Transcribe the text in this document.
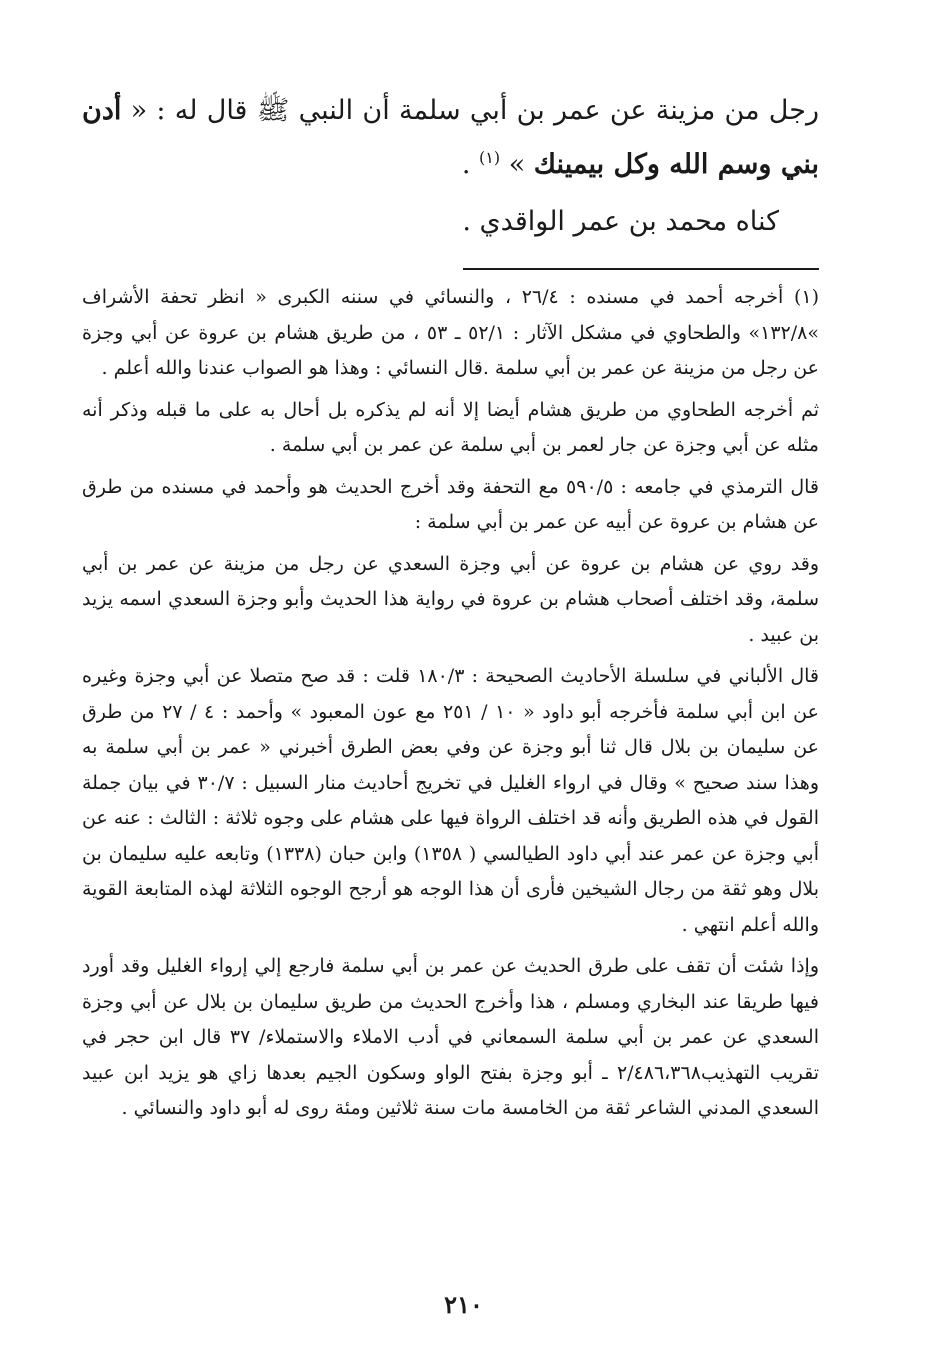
رجل من مزينة عن عمر بن أبي سلمة أن النبي ﷺ قال له : « أدن بني وسم الله وكل بيمينك » $^{(١)}$ .

كناه محمد بن عمر الواقدي .

(١) أخرجه أحمد في مسنده : ٢٦/٤ ، والنسائي في سننه الكبرى « انظر تحفة الأشراف »١٣٢/٨» والطحاوي في مشكل الآثار : ٥٢/١ ـ ٥٣ ، من طريق هشام بن عروة عن أبي وجزة عن رجل من مزينة عن عمر بن أبي سلمة .قال النسائي : وهذا هو الصواب عندنا والله أعلم .

ثم أخرجه الطحاوي من طريق هشام أيضا إلا أنه لم يذكره بل أحال به على ما قبله وذكر أنه مثله عن أبي وجزة عن جار لعمر بن أبي سلمة عن عمر بن أبي سلمة .

قال الترمذي في جامعه : ٥٩٠/٥ مع التحفة وقد أخرج الحديث هو وأحمد في مسنده من طرق عن هشام بن عروة عن أبيه عن عمر بن أبي سلمة :

وقد روي عن هشام بن عروة عن أبي وجزة السعدي عن رجل من مزينة عن عمر بن أبي سلمة، وقد اختلف أصحاب هشام بن عروة في رواية هذا الحديث وأبو وجزة السعدي اسمه يزيد بن عبيد .

قال الألباني في سلسلة الأحاديث الصحيحة : ١٨٠/٣ قلت : قد صح متصلا عن أبي وجزة وغيره عن ابن أبي سلمة فأخرجه أبو داود « ١٠ / ٢٥١ مع عون المعبود » وأحمد : ٤ / ٢٧ من طرق عن سليمان بن بلال قال ثنا أبو وجزة عن وفي بعض الطرق أخبرني « عمر بن أبي سلمة به وهذا سند صحيح » وقال في ارواء الغليل في تخريج أحاديث منار السبيل : ٣٠/٧ في بيان جملة القول في هذه الطريق وأنه قد اختلف الرواة فيها على هشام على وجوه ثلاثة : الثالث : عنه عن أبي وجزة عن عمر عند أبي داود الطيالسي ( ١٣٥٨) وابن حبان (١٣٣٨) وتابعه عليه سليمان بن بلال وهو ثقة من رجال الشيخين فأرى أن هذا الوجه هو أرجح الوجوه الثلاثة لهذه المتابعة القوية والله أعلم انتهي .

وإذا شئت أن تقف على طرق الحديث عن عمر بن أبي سلمة فارجع إلي إرواء الغليل وقد أورد فيها طريقا عند البخاري ومسلم ، هذا وأخرج الحديث من طريق سليمان بن بلال عن أبي وجزة السعدي عن عمر بن أبي سلمة السمعاني في أدب الاملاء والاستملاء/ ٣٧ قال ابن حجر في تقريب التهذيب٢/٤٨٦،٣٦٨ ـ أبو وجزة بفتح الواو وسكون الجيم بعدها زاي هو يزيد ابن عبيد السعدي المدني الشاعر ثقة من الخامسة مات سنة ثلاثين ومئة روى له أبو داود والنسائي .

٢١٠
